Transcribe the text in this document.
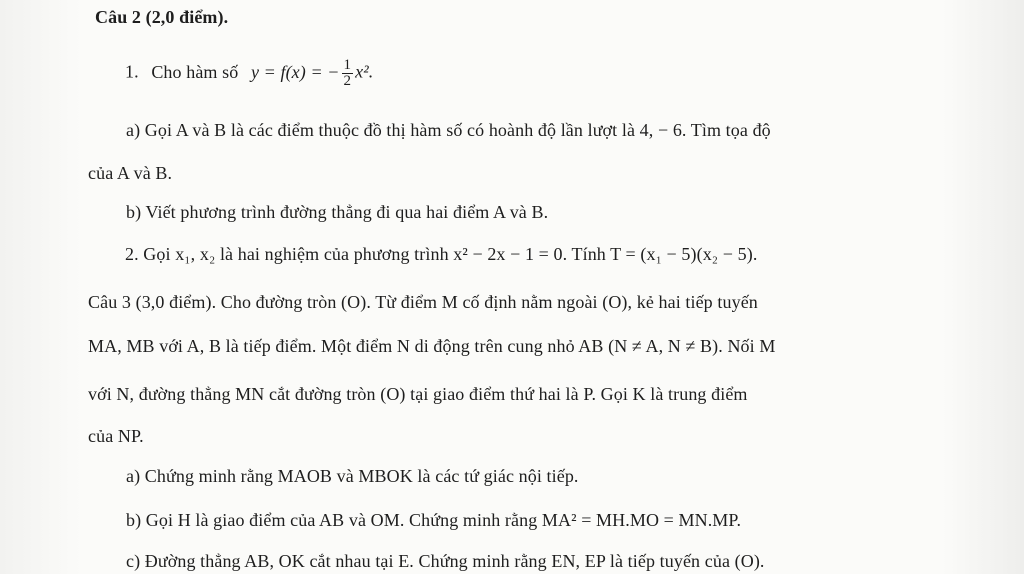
Câu 2 (2,0 điểm).
1. Cho hàm số y = f(x) = − $\frac{1}{2} x^2$.
a) Gọi A và B là các điểm thuộc đồ thị hàm số có hoành độ lần lượt là 4, − 6. Tìm tọa độ
của A và B.
b) Viết phương trình đường thẳng đi qua hai điểm A và B.
2. Gọi x₁, x₂ là hai nghiệm của phương trình x² − 2x − 1 = 0. Tính T = (x₁ − 5)(x₂ − 5).
Câu 3 (3,0 điểm). Cho đường tròn (O). Từ điểm M cố định nằm ngoài (O), kẻ hai tiếp tuyến
MA, MB với A, B là tiếp điểm. Một điểm N di động trên cung nhỏ AB (N ≠ A, N ≠ B). Nối M
với N, đường thẳng MN cắt đường tròn (O) tại giao điểm thứ hai là P. Gọi K là trung điểm
của NP.
a) Chứng minh rằng MAOB và MBOK là các tứ giác nội tiếp.
b) Gọi H là giao điểm của AB và OM. Chứng minh rằng MA² = MH.MO = MN.MP.
c) Đường thẳng AB, OK cắt nhau tại E. Chứng minh rằng EN, EP là tiếp tuyến của (O).
